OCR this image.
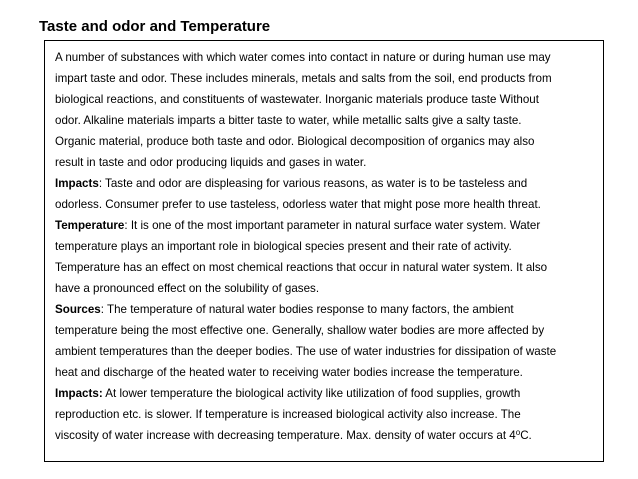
Taste and odor and Temperature
A number of substances with which water comes into contact in nature or during human use may
impart taste and odor. These includes minerals, metals and salts from the soil, end products from
biological reactions, and constituents of wastewater. Inorganic materials produce taste Without
odor. Alkaline materials imparts a bitter taste to water, while metallic salts give a salty taste.
Organic material, produce both taste and odor. Biological decomposition of organics may also
result in taste and odor producing liquids and gases in water.
Impacts: Taste and odor are displeasing for various reasons, as water is to be tasteless and
odorless. Consumer prefer to use tasteless, odorless water that might pose more health threat.
Temperature: It is one of the most important parameter in natural surface water system. Water
temperature plays an important role in biological species present and their rate of activity.
Temperature has an effect on most chemical reactions that occur in natural water system. It also
have a pronounced effect on the solubility of gases.
Sources: The temperature of natural water bodies response to many factors, the ambient
temperature being the most effective one. Generally, shallow water bodies are more affected by
ambient temperatures than the deeper bodies. The use of water industries for dissipation of waste
heat and discharge of the heated water to receiving water bodies increase the temperature.
Impacts: At lower temperature the biological activity like utilization of food supplies, growth
reproduction etc. is slower. If temperature is increased biological activity also increase. The
viscosity of water increase with decreasing temperature. Max. density of water occurs at 4$^o$C.
